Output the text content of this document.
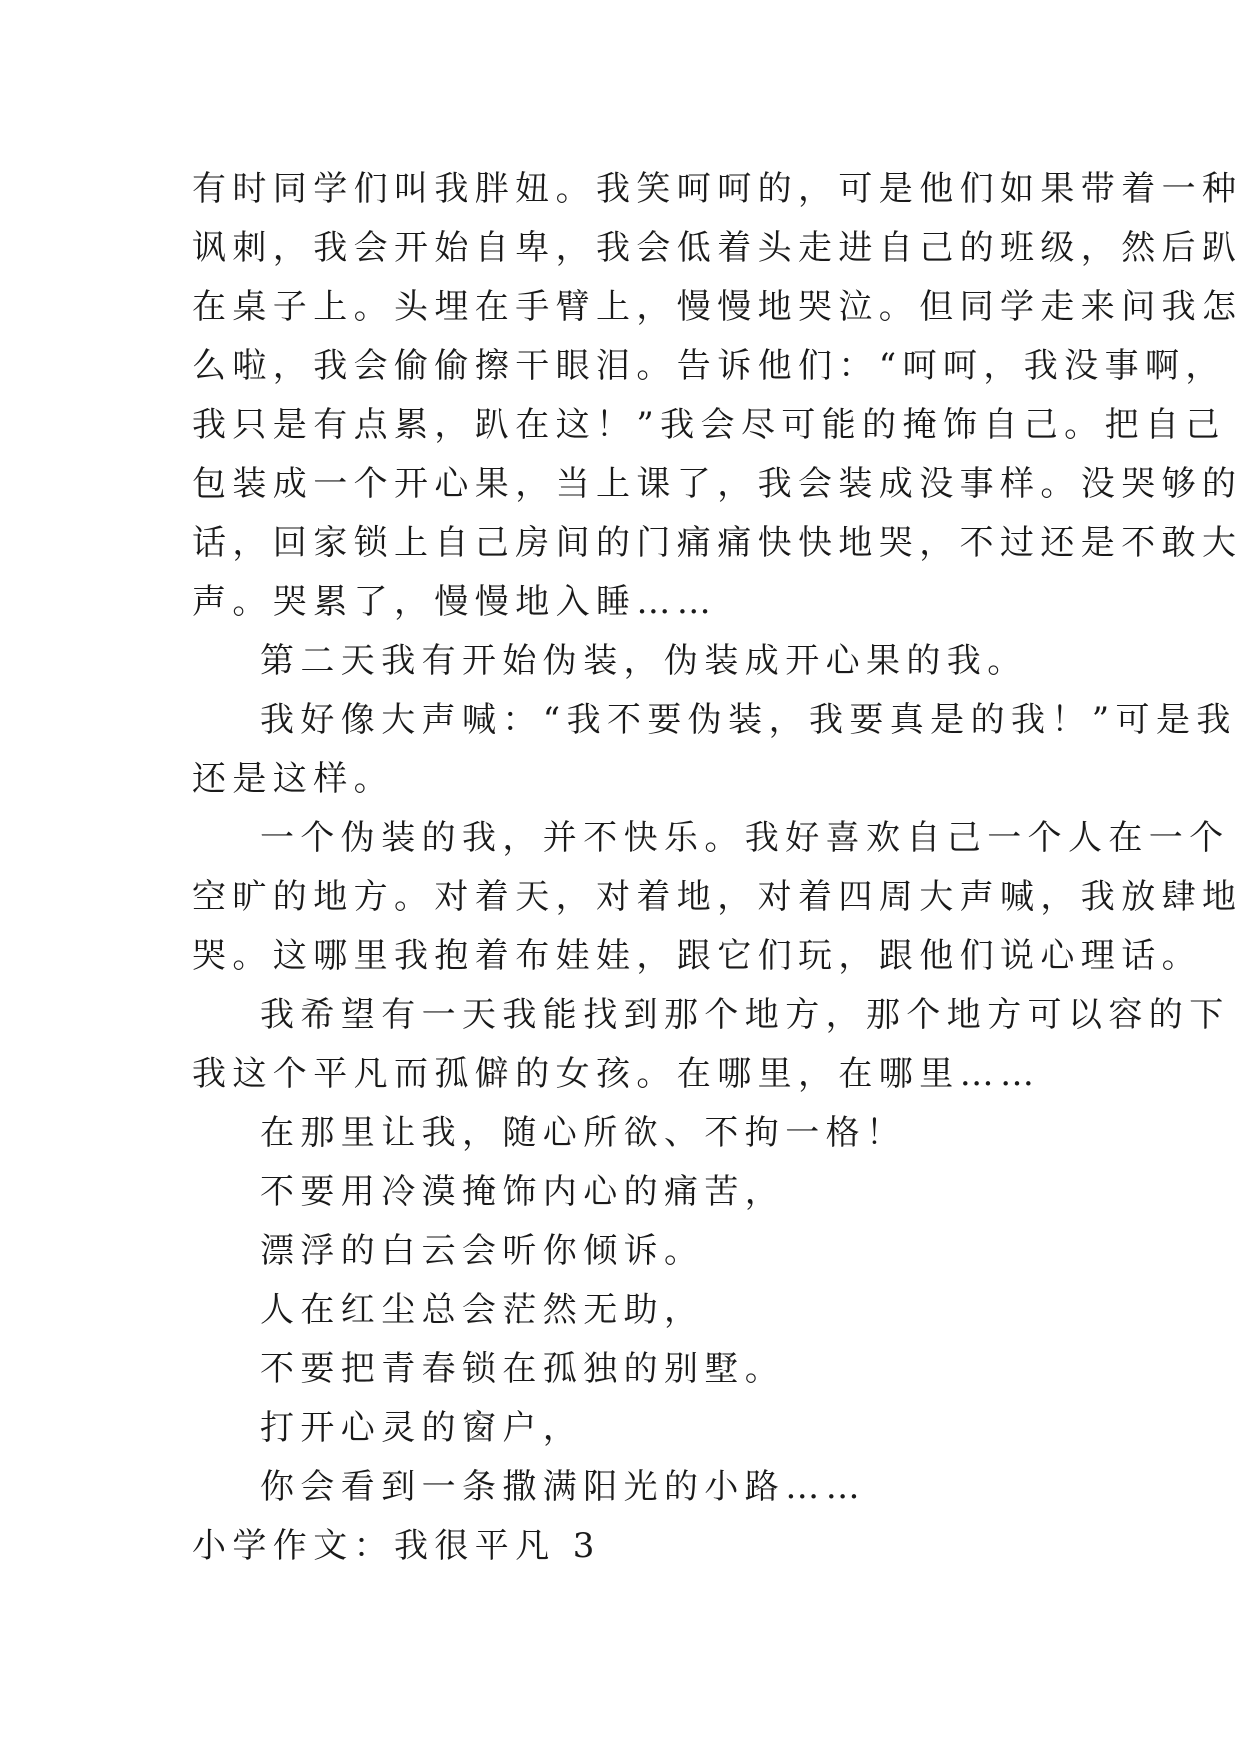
有时同学们叫我胖妞。我笑呵呵的，可是他们如果带着一种
讽刺，我会开始自卑，我会低着头走进自己的班级，然后趴
在桌子上。头埋在手臂上，慢慢地哭泣。但同学走来问我怎
么啦，我会偷偷擦干眼泪。告诉他们：“呵呵，我没事啊，
我只是有点累，趴在这！”我会尽可能的掩饰自己。把自己
包装成一个开心果，当上课了，我会装成没事样。没哭够的
话，回家锁上自己房间的门痛痛快快地哭，不过还是不敢大
声。哭累了，慢慢地入睡……
第二天我有开始伪装，伪装成开心果的我。
我好像大声喊：“我不要伪装，我要真是的我！”可是我
还是这样。
一个伪装的我，并不快乐。我好喜欢自己一个人在一个
空旷的地方。对着天，对着地，对着四周大声喊，我放肆地
哭。这哪里我抱着布娃娃，跟它们玩，跟他们说心理话。
我希望有一天我能找到那个地方，那个地方可以容的下
我这个平凡而孤僻的女孩。在哪里，在哪里……
在那里让我，随心所欲、不拘一格！
不要用冷漠掩饰内心的痛苦，
漂浮的白云会听你倾诉。
人在红尘总会茫然无助，
不要把青春锁在孤独的别墅。
打开心灵的窗户，
你会看到一条撒满阳光的小路……
小学作文：我很平凡 3
